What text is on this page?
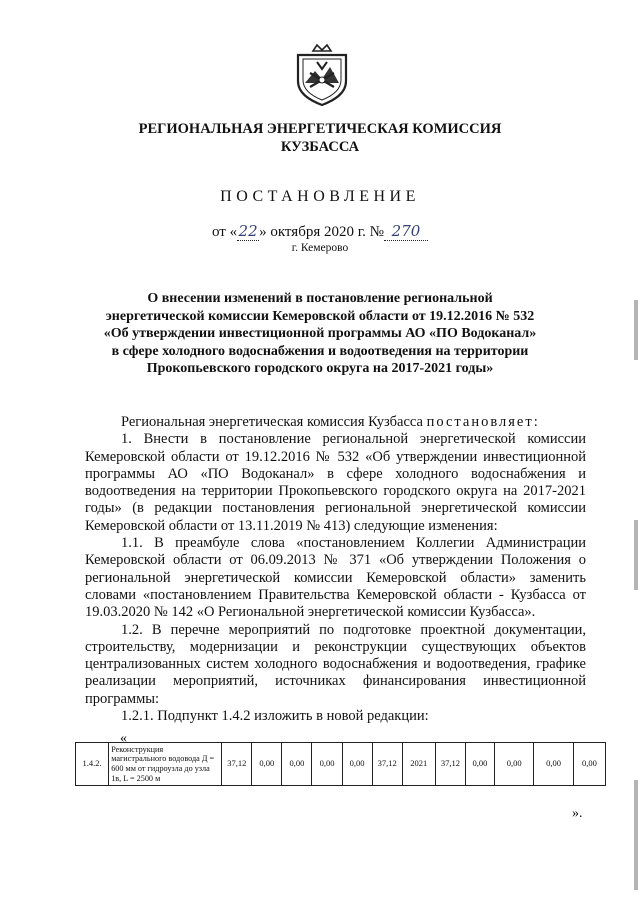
РЕГИОНАЛЬНАЯ ЭНЕРГЕТИЧЕСКАЯ КОМИССИЯ
КУЗБАССА
ПОСТАНОВЛЕНИЕ
от «22» октября 2020 г. № 270
г. Кемерово
О внесении изменений в постановление региональной
энергетической комиссии Кемеровской области от 19.12.2016 № 532
«Об утверждении инвестиционной программы АО «ПО Водоканал»
в сфере холодного водоснабжения и водоотведения на территории
Прокопьевского городского округа на 2017-2021 годы»

Региональная энергетическая комиссия Кузбасса постановляет:

1. Внести в постановление региональной энергетической комиссии Кемеровской области от 19.12.2016 № 532 «Об утверждении инвестиционной программы АО «ПО Водоканал» в сфере холодного водоснабжения и водоотведения на территории Прокопьевского городского округа на 2017-2021 годы» (в редакции постановления региональной энергетической комиссии Кемеровской области от 13.11.2019 № 413) следующие изменения:

1.1. В преамбуле слова «постановлением Коллегии Администрации Кемеровской области от 06.09.2013 № 371 «Об утверждении Положения о региональной энергетической комиссии Кемеровской области» заменить словами «постановлением Правительства Кемеровской области - Кузбасса от 19.03.2020 № 142 «О Региональной энергетической комиссии Кузбасса».

1.2. В перечне мероприятий по подготовке проектной документации, строительству, модернизации и реконструкции существующих объектов централизованных систем холодного водоснабжения и водоотведения, графике реализации мероприятий, источниках финансирования инвестиционной программы:

1.2.1. Подпункт 1.4.2 изложить в новой редакции:

«
1.4.2.	Реконструкция магистрального водовода Д = 600 мм от гидроузла до узла 1в, L = 2500 м	37,12	0,00	0,00	0,00	0,00	37,12	2021	37,12	0,00	0,00	0,00	0,00
».
